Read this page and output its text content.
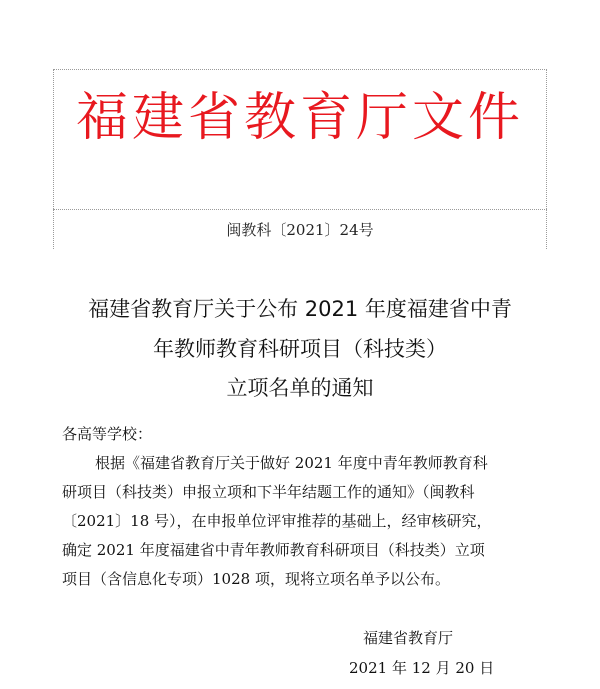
福建省教育厅文件
闽教科〔2021〕24号
福建省教育厅关于公布 2021 年度福建省中青
年教师教育科研项目（科技类）
立项名单的通知
各高等学校：
根据《福建省教育厅关于做好 2021 年度中青年教师教育科
研项目（科技类）申报立项和下半年结题工作的通知》（闽教科
〔2021〕18 号），在申报单位评审推荐的基础上，经审核研究，
确定 2021 年度福建省中青年教师教育科研项目（科技类）立项
项目（含信息化专项）1028 项，现将立项名单予以公布。
福建省教育厅
2021 年 12 月 20 日
